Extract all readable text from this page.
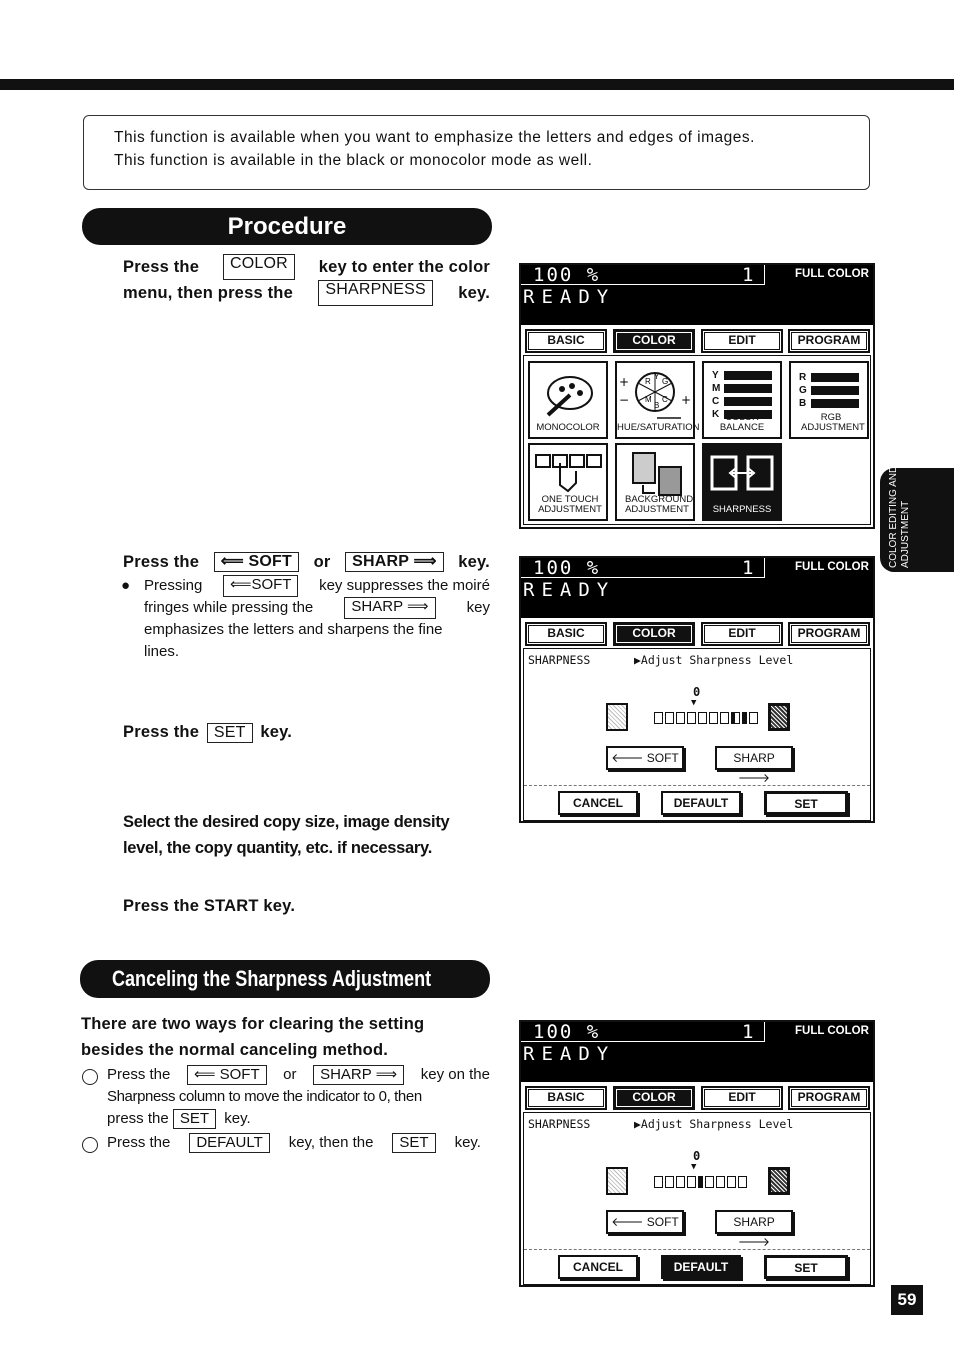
This function is available when you want to emphasize the letters and edges of images.
This function is available in the black or monocolor mode as well.
Procedure
Press the	COLOR	key to enter the color
menu, then press the	SHARPNESS	key.
Press the	⟸ SOFT	or	SHARP ⟹	key.
● Pressing	⟸SOFT	key suppresses the moiré
fringes while pressing the	SHARP ⟹	key
emphasizes the letters and sharpens the fine
lines.
Press the SET key.
Select the desired copy size, image density
level, the copy quantity, etc. if necessary.
Press the START key.
Canceling the Sharpness Adjustment
There are two ways for clearing the setting
besides the normal canceling method.
Press the	⟸ SOFT	or	SHARP ⟹	key on the
Sharpness column to move the indicator to 0, then
press the SET key.
Press the	DEFAULT	key, then the	SET	key.
COLOR EDITING AND
ADJUSTMENT
59
100 %	1	FULL COLOR
READY
BASIC	COLOR	EDIT	PROGRAM
MONOCOLOR
+
−	+
R
Y
G
M
B
C
HUE/SATURATION
Y
M
C
K COLOR BALANCE
R
G
B
RGB ADJUSTMENT
ONE TOUCH ADJUSTMENT
BACKGROUND ADJUSTMENT	SHARPNESS
100 %	1	FULL COLOR
READY
BASIC	COLOR	EDIT	PROGRAM
SHARPNESS	▶Adjust Sharpness Level
0
▼
🡐 SOFT	SHARP 🡒
CANCEL	DEFAULT	SET
100 %	1	FULL COLOR
READY
BASIC	COLOR	EDIT	PROGRAM
SHARPNESS	▶Adjust Sharpness Level
0
▼
🡐 SOFT	SHARP 🡒
CANCEL	DEFAULT	SET
